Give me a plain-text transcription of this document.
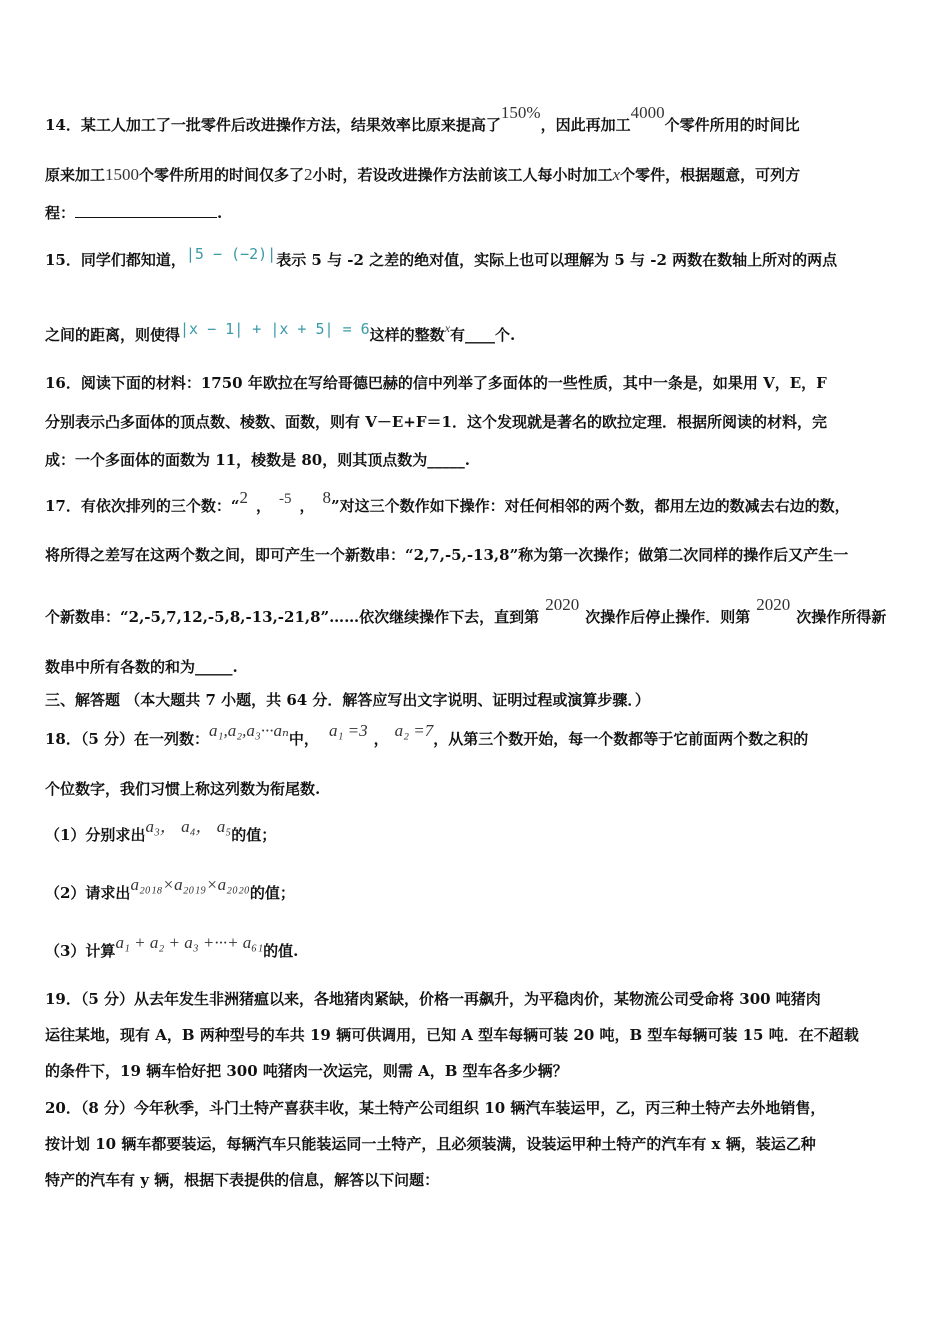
14．某工人加工了一批零件后改进操作方法，结果效率比原来提高了150%，因此再加工4000个零件所用的时间比
原来加工1500个零件所用的时间仅多了2小时，若设改进操作方法前该工人每小时加工x个零件，根据题意，可列方
程：	.
15．同学们都知道，|5 − (−2)|表示 5 与 -2 之差的绝对值，实际上也可以理解为 5 与 -2 两数在数轴上所对的两点
之间的距离，则使得|x − 1| + |x + 5| = 6这样的整数$^x$有____个.
16．阅读下面的材料：1750 年欧拉在写给哥德巴赫的信中列举了多面体的一些性质，其中一条是，如果用 V，E，F
分别表示凸多面体的顶点数、棱数、面数，则有 V－E+F＝1．这个发现就是著名的欧拉定理．根据所阅读的材料，完
成：一个多面体的面数为 11，棱数是 80，则其顶点数为_____.
17．有依次排列的三个数：“2 ， -5 ， 8”对这三个数作如下操作：对任何相邻的两个数，都用左边的数减去右边的数，
将所得之差写在这两个数之间，即可产生一个新数串：“2,7,-5,-13,8”称为第一次操作；做第二次同样的操作后又产生一
个新数串：“2,-5,7,12,-5,8,-13,-21,8”……依次继续操作下去，直到第2020次操作后停止操作．则第2020次操作所得新
数串中所有各数的和为_____.
三、解答题 （本大题共 7 小题，共 64 分．解答应写出文字说明、证明过程或演算步骤．）
18．（5 分）在一列数：a₁,a₂,a₃···aₙ中， a₁ =3 ， a₂ =7，从第三个数开始，每一个数都等于它前面两个数之积的
个位数字，我们习惯上称这列数为衔尾数.
（1）分别求出a₃， a₄， a₅的值；
（2）请求出a₂₀₁₈×a₂₀₁₉×a₂₀₂₀的值；
（3）计算a₁ + a₂ + a₃ +···+ a₆₁的值.
19．（5 分）从去年发生非洲猪瘟以来，各地猪肉紧缺，价格一再飙升，为平稳肉价，某物流公司受命将 300 吨猪肉
运往某地，现有 A，B 两种型号的车共 19 辆可供调用，已知 A 型车每辆可装 20 吨，B 型车每辆可装 15 吨．在不超载
的条件下，19 辆车恰好把 300 吨猪肉一次运完，则需 A，B 型车各多少辆？
20．（8 分）今年秋季，斗门土特产喜获丰收，某土特产公司组织 10 辆汽车装运甲，乙，丙三种土特产去外地销售，
按计划 10 辆车都要装运，每辆汽车只能装运同一土特产，且必须装满，设装运甲种土特产的汽车有 x 辆，装运乙种
特产的汽车有 y 辆，根据下表提供的信息，解答以下问题：
